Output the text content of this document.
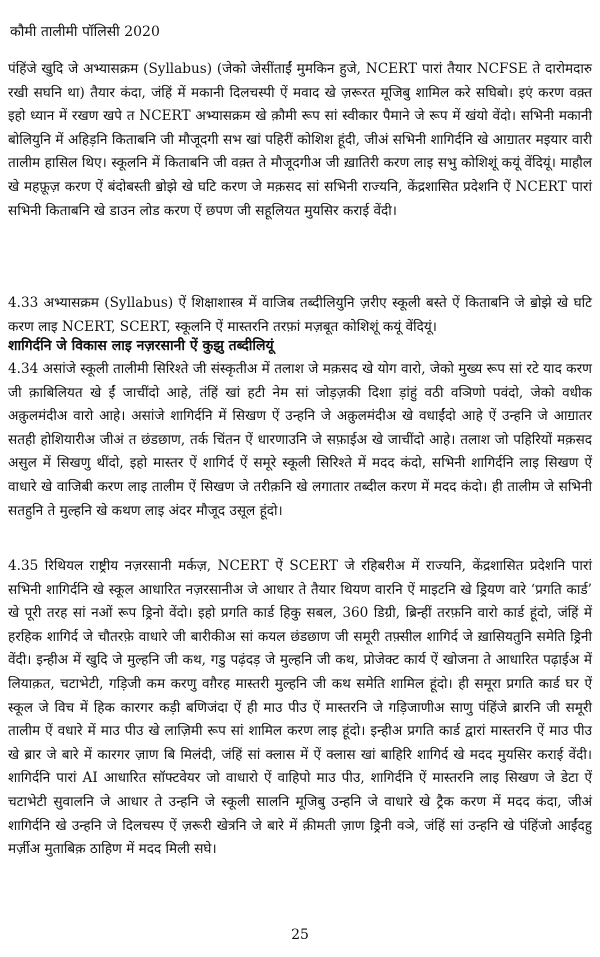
कौमी तालीमी पॉलिसी 2020

पंहिंजे खुदि जे अभ्यासक्रम (Syllabus) (जेको जेसींताईं मुमकिन हुजे, NCERT पारां तैयार NCFSE ते दारोमदारु रखी सघनि था) तैयार कंदा, जंहिं में मकानी दिलचस्पी ऐं मवाद खे ज़रूरत मूजिबु शामिल करे सघिबो। इएं करण वक़्त इहो ध्यान में रखण खपे त NCERT अभ्यासक्रम खे क़ौमी रूप सां स्वीकार पैमाने जे रूप में खंयो वेंदो। सभिनी मकानी बोलियुनि में अहिड़नि किताबनि जी मौजूदगी सभ खां पहिरीं कोशिश हूंदी, जीअं सभिनी शागिर्दनि खे आॻातर मइयार वारी तालीम हासिल थिए। स्कूलनि में किताबनि जी वक़्त ते मौजूदगीअ जी ख़ातिरी करण लाइ सभु कोशिशूं कयूं वेंदियूं। माहौल खे महफ़ूज़ करण ऐं बंदोबस्ती ॿोझे खे घटि करण जे मक़सद सां सभिनी राज्यनि, केंद्रशासित प्रदेशनि ऐं NCERT पारां सभिनी किताबनि खे डाउन लोड करण ऐं छपण जी सहूलियत मुयसिर कराई वेंदी।

4.33 अभ्यासक्रम (Syllabus) ऐं शिक्षाशास्त्र में वाजिब तब्दीलियुनि ज़रीए स्कूली बस्ते ऐं किताबनि जे ॿोझे खे घटि करण लाइ NCERT, SCERT, स्कूलनि ऐं मास्तरनि तरफ़ां मज़बूत कोशिशूं कयूं वेंदियूं।

शागिर्दनि जे विकास लाइ नज़रसानी ऐं कुझु तब्दीलियूं

4.34 असांजे स्कूली तालीमी सिरिश्ते जी संस्कृतीअ में तलाश जे मक़सद खे योग वारो, जेको मुख्य रूप सां रटे याद करण जी क़ाबिलियत खे ईं जाचींदो आहे, तंहिं खां हटी नेम सां जोड़ज़की दिशा ड़ांहुं वठी वञिणो पवंदो, जेको वधीक अक़ुलमंदीअ वारो आहे। असांजे शागिर्दनि में सिखण ऐं उन्हनि जे अक़ुलमंदीअ खे वधाईंदो आहे ऐं उन्हनि जे आॻातर सतही होशियारीअ जीअं त छंडछाण, तर्क चिंतन ऐं धारणाउनि जे सफ़ाईअ खे जाचींदो आहे। तलाश जो पहिरियों मक़सद असुल में सिखणु थींदो, इहो मास्तर ऐं शागिर्द ऐं समूरे स्कूली सिरिश्ते में मदद कंदो, सभिनी शागिर्दनि लाइ सिखण ऐं वाधारे खे वाजिबी करण लाइ तालीम ऐं सिखण जे तरीक़नि खे लगातार तब्दील करण में मदद कंदो। ही तालीम जे सभिनी सतहुनि ते मुल्हनि खे कथण लाइ अंदर मौजूद उसूल हूंदो।

4.35 रिथियल राष्ट्रीय नज़रसानी मर्कज़, NCERT ऐं SCERT जे रहिबरीअ में राज्यनि, केंद्रशासित प्रदेशनि पारां सभिनी शागिर्दनि खे स्कूल आधारित नज़रसानीअ जे आधार ते तैयार थियण वारनि ऐं माइटनि खे ड्रियण वारे ‘प्रगति कार्ड’ खे पूरी तरह सां नओं रूप ड्रिनो वेंदो। इहो प्रगति कार्ड हिकु सबल, 360 डिग्री, ब्रिन्हीं तरफ़नि वारो कार्ड हूंदो, जंहिं में हरहिक शागिर्द जे चौतरफ़े वाधारे जी बारीकीअ सां कयल छंडछाण जी समूरी तफ़्सील शागिर्द जे ख़ासियतुनि समेति ड्रिनी वेंदी। इन्हीअ में खुदि जे मुल्हनि जी कथ, गडु पढ़ंदड़ जे मुल्हनि जी कथ, प्रोजेक्ट कार्य ऐं खोजना ते आधारित पढ़ाईअ में लियाक़त, चटाभेटी, गड़िजी कम करणु वग़ैरह मास्तरी मुल्हनि जी कथ समेति शामिल हूंदो। ही समूरा प्रगति कार्ड घर ऐं स्कूल जे विच में हिक कारगर कड़ी बणिजंदा ऐं ही माउ पीउ ऐं मास्तरनि जे गड़िजाणीअ साणु पंहिंजे ब्रारनि जी समूरी तालीम ऐं वधारे में माउ पीउ खे लाज़िमी रूप सां शामिल करण लाइ हूंदो। इन्हीअ प्रगति कार्ड द्वारां मास्तरनि ऐं माउ पीउ खे ब्रार जे बारे में कारगर ज़ाण बि मिलंदी, जंहिं सां क्लास में ऐं क्लास खां बाहिरि शागिर्द खे मदद मुयसिर कराई वेंदी। शागिर्दनि पारां AI आधारित सॉफ्टवेयर जो वाधारो ऐं वाहिपो माउ पीउ, शागिर्दनि ऐं मास्तरनि लाइ सिखण जे डेटा ऐं चटाभेटी सुवालनि जे आधार ते उन्हनि जे स्कूली सालनि मूजिबु उन्हनि जे वाधारे खे ट्रैक करण में मदद कंदा, जीअं शागिर्दनि खे उन्हनि जे दिलचस्प ऐं ज़रूरी खेत्रनि जे बारे में क़ीमती ज़ाण ड्रिनी वञे, जंहिं सां उन्हनि खे पंहिंजो आईंदहु मर्ज़ीअ मुताबिक़ ठाहिण में मदद मिली सघे।

25
